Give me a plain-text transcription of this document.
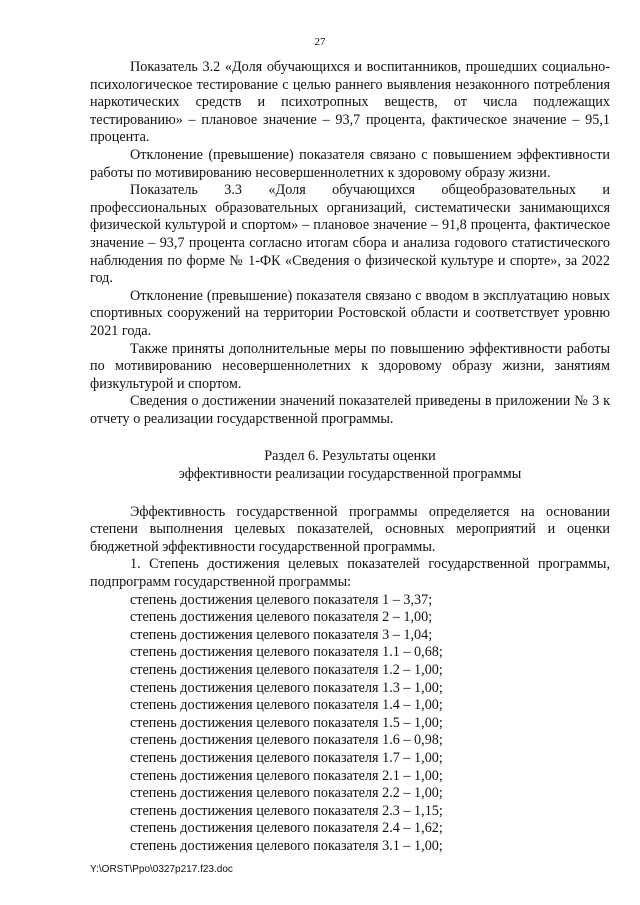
27

Показатель 3.2 «Доля обучающихся и воспитанников, прошедших социально-психологическое тестирование с целью раннего выявления незаконного потребления наркотических средств и психотропных веществ, от числа подлежащих тестированию» – плановое значение – 93,7 процента, фактическое значение – 95,1 процента.

Отклонение (превышение) показателя связано с повышением эффективности работы по мотивированию несовершеннолетних к здоровому образу жизни.

Показатель 3.3 «Доля обучающихся общеобразовательных и профессиональных образовательных организаций, систематически занимающихся физической культурой и спортом» – плановое значение – 91,8 процента, фактическое значение – 93,7 процента согласно итогам сбора и анализа годового статистического наблюдения по форме № 1-ФК «Сведения о физической культуре и спорте», за 2022 год.

Отклонение (превышение) показателя связано с вводом в эксплуатацию новых спортивных сооружений на территории Ростовской области и соответствует уровню 2021 года.

Также приняты дополнительные меры по повышению эффективности работы по мотивированию несовершеннолетних к здоровому образу жизни, занятиям физкультурой и спортом.

Сведения о достижении значений показателей приведены в приложении № 3 к отчету о реализации государственной программы.

Раздел 6. Результаты оценки
эффективности реализации государственной программы

Эффективность государственной программы определяется на основании степени выполнения целевых показателей, основных мероприятий и оценки бюджетной эффективности государственной программы.

1. Степень достижения целевых показателей государственной программы, подпрограмм государственной программы:

степень достижения целевого показателя 1 – 3,37;
степень достижения целевого показателя 2 – 1,00;
степень достижения целевого показателя 3 – 1,04;
степень достижения целевого показателя 1.1 – 0,68;
степень достижения целевого показателя 1.2 – 1,00;
степень достижения целевого показателя 1.3 – 1,00;
степень достижения целевого показателя 1.4 – 1,00;
степень достижения целевого показателя 1.5 – 1,00;
степень достижения целевого показателя 1.6 – 0,98;
степень достижения целевого показателя 1.7 – 1,00;
степень достижения целевого показателя 2.1 – 1,00;
степень достижения целевого показателя 2.2 – 1,00;
степень достижения целевого показателя 2.3 – 1,15;
степень достижения целевого показателя 2.4 – 1,62;
степень достижения целевого показателя 3.1 – 1,00;
Y:\ORST\Ppo\0327p217.f23.doc
